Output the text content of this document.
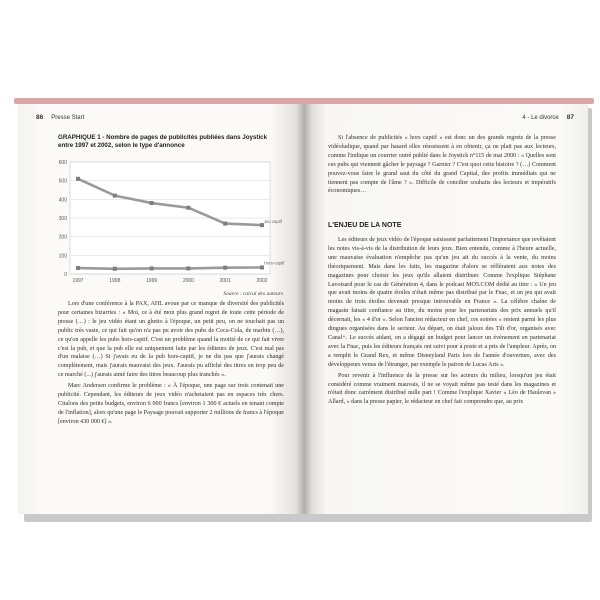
86 Presse Start
GRAPHIQUE 1 - Nombre de pages de publicités publiées dans Joystick entre 1997 et 2002, selon le type d'annonce
0
100
200
300
400
500
600
1997	1998	1999	2000	2001	2002
Jeu captif
Hors-captif
Source : calcul des auteurs

Lors d'une conférence à la PAX, AHL avoue par ce manque de diversité des publicités pour certaines bizarries : « Moi, ce à été mon plus grand regret de toute cette période de presse (…) : le jeu vidéo étant un ghetto à l'époque, un petit peu, on ne touchait pas un public très vaste, ce qui fait qu'on n'a pas pu avoir des pubs de Coca-Cola, de marbin (…), ce qu'on appelle les pubs hors-captif. C'est un problème quand la moitié de ce qui fait vivre c'est la pub, et que la pub elle est uniquement faite par les éditeurs de jeux. C'est mal pas d'un malaise (…) Si j'avais eu de la pub hors-captif, je ne dis pas que j'aurais changé complètement, mais j'aurais mauvaisi des jeux. J'aurais pu affiché des titres en trop peu de ce marché (...) j'aurais aimé faire des titres beaucoup plus tranchés ».

Marc Andersen confirme le problème : « À l'époque, une page sur trois contenait une publicité. Cependant, les éditeurs de jeux vidéo n'achetaient pas en espaces très chers. Citalons des petits budgets, environ 6 000 francs [environ 1 300 € actuels en tenant compte de l'inflation], alors qu'une page le Paysage pouvait supporter 2 millions de francs à l'époque [environ 430 000 €] ».

4 - Le divorce 87

Si l'absence de publicités « hors captif » est donc un des grands regrets de la presse vidéoludique, quand par hasard elles réussissent à en obtenir, ça ne plait pas aux lecteurs, comme l'indique un courrier outré publié dans le Joystick n°115 de mai 2000 : « Quelles sont ces pubs qui viennent gâcher le paysage ? Garnier ? C'est quoi cette histoire ? (…) Comment pouvez-vous faire le grand saut du côté du grand Capital, des profits immédiats qui ne tiennent pas compte de l'âme ? ». Difficile de concilier souhaits des lecteurs et impératifs économiques…

L'ENJEU DE LA NOTE

Les éditeurs de jeux vidéo de l'époque saisissent parfaitement l'importance que revêtaient les notes vis-à-vis de la distribution de leurs jeux. Bien entendu, comme à l'heure actuelle, une mauvaise évaluation n'empêche pas qu'un jeu ait du succès à la vente, du moins théoriquement. Mais dans les faits, les magazine d'alors se réfléraient aux notes des magazines pour choisir les jeux qu'ils allaient distribuer. Comme l'explique Stéphane Lavoisard pour le cas de Génération 4, dans le podcast MO5.COM dédié au titre : « Un jeu que avait moins de quatre étoiles n'était même pas distribué par le Fnac, et un jeu qui avait moins de trois étoiles devenait presque introuvable en France ». La célèbre chaîne de magasin faisait confiance au titre, du moins pour les partenariats des prix annuels qu'il décernait, les « 4 d'or ». Selon l'ancien rédacteur en chef, ces soirées « restent parmi les plus dingues organisées dans le secteur. Au départ, on était jaloux des Tilt d'or, organisés avec Canal+. Le succès aidant, on a dégagé un budget pour lancer un événement en partenariat avec la Fnac, puis les éditeurs français ont suivi pour à poste et a pris de l'ampleur. Après, on a remplit le Grand Rex, et même Disneyland Paris lors de l'année d'ouverture, avec des développeurs venus de l'étranger, par exemple le patron de Lucas Arts ».

Pour revenir à l'influence de la presse sur les acteurs du milieu, lorsqu'un jeu était considéré comme vraiment mauvais, il ne se voyait même pas testé dans les magazines et n'était donc carrément distribué nulle part ! Comme l'explique Xavier « Léo de Haulevan » Allard, « dans la presse papier, le rédacteur en chef fait comprendre que, au prix
